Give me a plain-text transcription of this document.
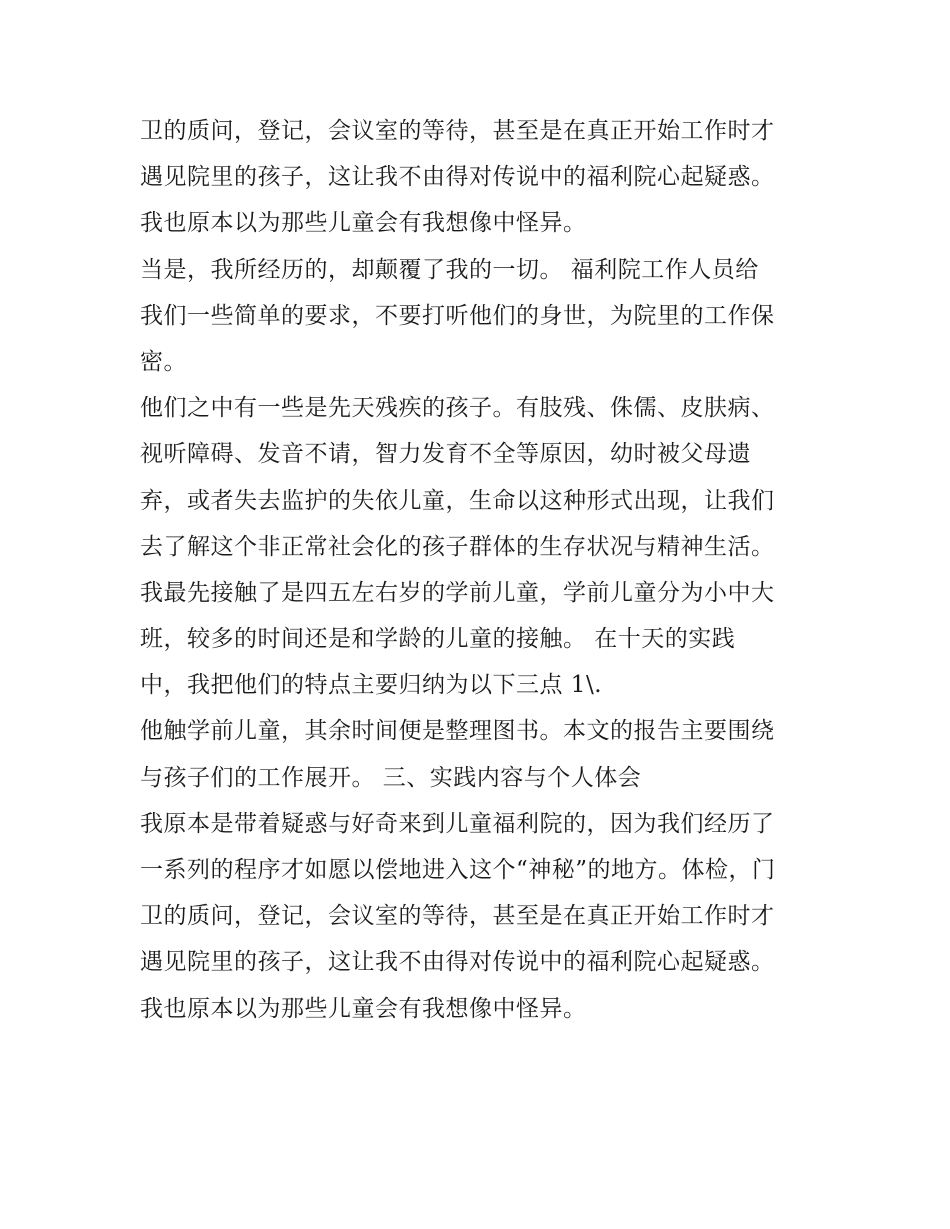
卫的质问，登记，会议室的等待，甚至是在真正开始工作时才
遇见院里的孩子，这让我不由得对传说中的福利院心起疑惑。
我也原本以为那些儿童会有我想像中怪异。
当是，我所经历的，却颠覆了我的一切。 福利院工作人员给
我们一些简单的要求，不要打听他们的身世，为院里的工作保
密。
他们之中有一些是先天残疾的孩子。有肢残、侏儒、皮肤病、
视听障碍、发音不请，智力发育不全等原因，幼时被父母遗
弃，或者失去监护的失依儿童，生命以这种形式出现，让我们
去了解这个非正常社会化的孩子群体的生存状况与精神生活。
我最先接触了是四五左右岁的学前儿童，学前儿童分为小中大
班，较多的时间还是和学龄的儿童的接触。 在十天的实践
中，我把他们的特点主要归纳为以下三点 1\.
他触学前儿童，其余时间便是整理图书。本文的报告主要围绕
与孩子们的工作展开。 三、实践内容与个人体会
我原本是带着疑惑与好奇来到儿童福利院的，因为我们经历了
一系列的程序才如愿以偿地进入这个“神秘”的地方。体检，门
卫的质问，登记，会议室的等待，甚至是在真正开始工作时才
遇见院里的孩子，这让我不由得对传说中的福利院心起疑惑。
我也原本以为那些儿童会有我想像中怪异。
